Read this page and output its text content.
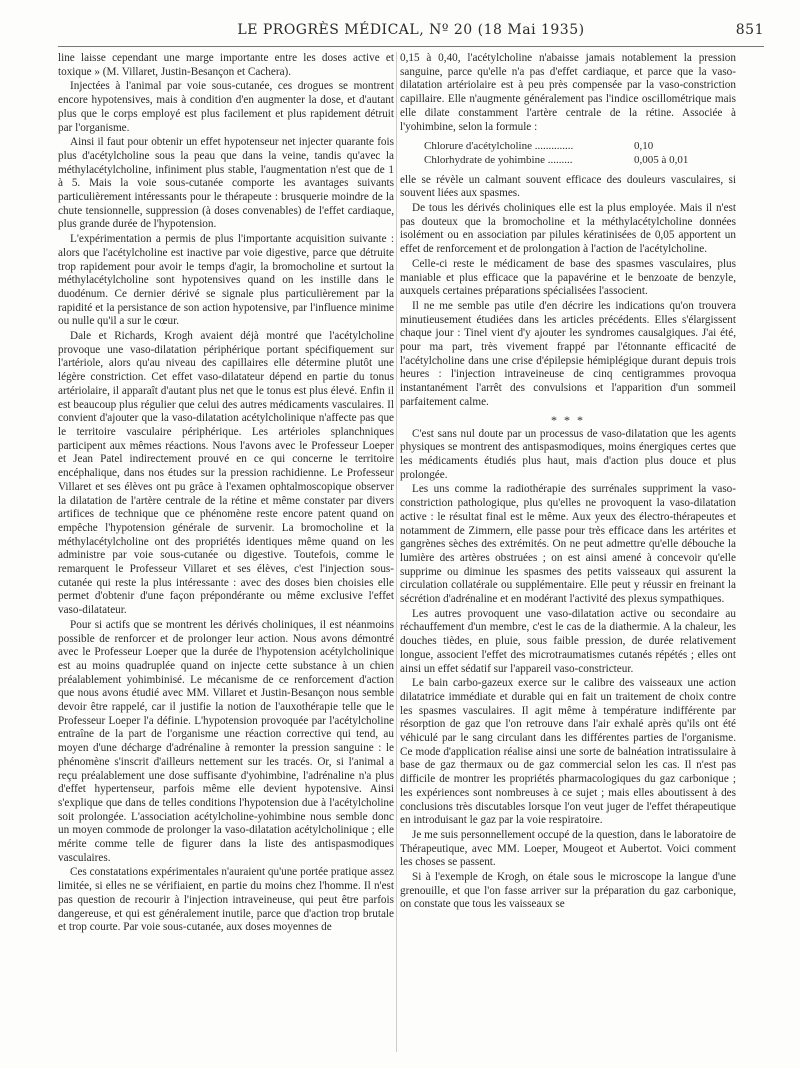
LE PROGRÈS MÉDICAL, Nº 20 (18 Mai 1935)	851

line laisse cependant une marge importante entre les doses active et toxique » (M. Villaret, Justin-Besançon et Cachera).

Injectées à l'animal par voie sous-cutanée, ces drogues se montrent encore hypotensives, mais à condition d'en augmenter la dose, et d'autant plus que le corps employé est plus facilement et plus rapidement détruit par l'organisme.

Ainsi il faut pour obtenir un effet hypotenseur net injecter quarante fois plus d'acétylcholine sous la peau que dans la veine, tandis qu'avec la méthylacétylcholine, infiniment plus stable, l'augmentation n'est que de 1 à 5. Mais la voie sous-cutanée comporte les avantages suivants particulièrement intéressants pour le thérapeute : brusquerie moindre de la chute tensionnelle, suppression (à doses convenables) de l'effet cardiaque, plus grande durée de l'hypotension.

L'expérimentation a permis de plus l'importante acquisition suivante : alors que l'acétylcholine est inactive par voie digestive, parce que détruite trop rapidement pour avoir le temps d'agir, la bromocholine et surtout la méthylacétylcholine sont hypotensives quand on les instille dans le duodénum. Ce dernier dérivé se signale plus particulièrement par la rapidité et la persistance de son action hypotensive, par l'influence minime ou nulle qu'il a sur le cœur.

Dale et Richards, Krogh avaient déjà montré que l'acétylcholine provoque une vaso-dilatation périphérique portant spécifiquement sur l'artériole, alors qu'au niveau des capillaires elle détermine plutôt une légère constriction. Cet effet vaso-dilatateur dépend en partie du tonus artériolaire, il apparaît d'autant plus net que le tonus est plus élevé. Enfin il est beaucoup plus régulier que celui des autres médicaments vasculaires. Il convient d'ajouter que la vaso-dilatation acétylcholinique n'affecte pas que le territoire vasculaire périphérique. Les artérioles splanchniques participent aux mêmes réactions. Nous l'avons avec le Professeur Loeper et Jean Patel indirectement prouvé en ce qui concerne le territoire encéphalique, dans nos études sur la pression rachidienne. Le Professeur Villaret et ses élèves ont pu grâce à l'examen ophtalmoscopique observer la dilatation de l'artère centrale de la rétine et même constater par divers artifices de technique que ce phénomène reste encore patent quand on empêche l'hypotension générale de survenir. La bromocholine et la méthylacétylcholine ont des propriétés identiques même quand on les administre par voie sous-cutanée ou digestive. Toutefois, comme le remarquent le Professeur Villaret et ses élèves, c'est l'injection sous-cutanée qui reste la plus intéressante : avec des doses bien choisies elle permet d'obtenir d'une façon prépondérante ou même exclusive l'effet vaso-dilatateur.

Pour si actifs que se montrent les dérivés choliniques, il est néanmoins possible de renforcer et de prolonger leur action. Nous avons démontré avec le Professeur Loeper que la durée de l'hypotension acétylcholinique est au moins quadruplée quand on injecte cette substance à un chien préalablement yohimbinisé. Le mécanisme de ce renforcement d'action que nous avons étudié avec MM. Villaret et Justin-Besançon nous semble devoir être rappelé, car il justifie la notion de l'auxothérapie telle que le Professeur Loeper l'a définie. L'hypotension provoquée par l'acétylcholine entraîne de la part de l'organisme une réaction corrective qui tend, au moyen d'une décharge d'adrénaline à remonter la pression sanguine : le phénomène s'inscrit d'ailleurs nettement sur les tracés. Or, si l'animal a reçu préalablement une dose suffisante d'yohimbine, l'adrénaline n'a plus d'effet hypertenseur, parfois même elle devient hypotensive. Ainsi s'explique que dans de telles conditions l'hypotension due à l'acétylcholine soit prolongée. L'association acétylcholine-yohimbine nous semble donc un moyen commode de prolonger la vaso-dilatation acétylcholinique ; elle mérite comme telle de figurer dans la liste des antispasmodiques vasculaires.

Ces constatations expérimentales n'auraient qu'une portée pratique assez limitée, si elles ne se vérifiaient, en partie du moins chez l'homme. Il n'est pas question de recourir à l'injection intraveineuse, qui peut être parfois dangereuse, et qui est généralement inutile, parce que d'action trop brutale et trop courte. Par voie sous-cutanée, aux doses moyennes de

0,15 à 0,40, l'acétylcholine n'abaisse jamais notablement la pression sanguine, parce qu'elle n'a pas d'effet cardiaque, et parce que la vaso-dilatation artériolaire est à peu près compensée par la vaso-constriction capillaire. Elle n'augmente généralement pas l'indice oscillométrique mais elle dilate constamment l'artère centrale de la rétine. Associée à l'yohimbine, selon la formule :

Chlorure d'acétylcholine ..............	0,10
Chlorhydrate de yohimbine .........	0,005 à 0,01

elle se révèle un calmant souvent efficace des douleurs vasculaires, si souvent liées aux spasmes.

De tous les dérivés choliniques elle est la plus employée. Mais il n'est pas douteux que la bromocholine et la méthylacétylcholine données isolément ou en association par pilules kératinisées de 0,05 apportent un effet de renforcement et de prolongation à l'action de l'acétylcholine.

Celle-ci reste le médicament de base des spasmes vasculaires, plus maniable et plus efficace que la papavérine et le benzoate de benzyle, auxquels certaines préparations spécialisées l'associent.

Il ne me semble pas utile d'en décrire les indications qu'on trouvera minutieusement étudiées dans les articles précédents. Elles s'élargissent chaque jour : Tinel vient d'y ajouter les syndromes causalgiques. J'ai été, pour ma part, très vivement frappé par l'étonnante efficacité de l'acétylcholine dans une crise d'épilepsie hémiplégique durant depuis trois heures : l'injection intraveineuse de cinq centigrammes provoqua instantanément l'arrêt des convulsions et l'apparition d'un sommeil parfaitement calme.

* * *

C'est sans nul doute par un processus de vaso-dilatation que les agents physiques se montrent des antispasmodiques, moins énergiques certes que les médicaments étudiés plus haut, mais d'action plus douce et plus prolongée.

Les uns comme la radiothérapie des surrénales suppriment la vaso-constriction pathologique, plus qu'elles ne provoquent la vaso-dilatation active : le résultat final est le même. Aux yeux des électro-thérapeutes et notamment de Zimmern, elle passe pour très efficace dans les artérites et gangrènes sèches des extrémités. On ne peut admettre qu'elle débouche la lumière des artères obstruées ; on est ainsi amené à concevoir qu'elle supprime ou diminue les spasmes des petits vaisseaux qui assurent la circulation collatérale ou supplémentaire. Elle peut y réussir en freinant la sécrétion d'adrénaline et en modérant l'activité des plexus sympathiques.

Les autres provoquent une vaso-dilatation active ou secondaire au réchauffement d'un membre, c'est le cas de la diathermie. A la chaleur, les douches tièdes, en pluie, sous faible pression, de durée relativement longue, associent l'effet des microtraumatismes cutanés répétés ; elles ont ainsi un effet sédatif sur l'appareil vaso-constricteur.

Le bain carbo-gazeux exerce sur le calibre des vaisseaux une action dilatatrice immédiate et durable qui en fait un traitement de choix contre les spasmes vasculaires. Il agit même à température indifférente par résorption de gaz que l'on retrouve dans l'air exhalé après qu'ils ont été véhiculé par le sang circulant dans les différentes parties de l'organisme. Ce mode d'application réalise ainsi une sorte de balnéation intratissulaire à base de gaz thermaux ou de gaz commercial selon les cas. Il n'est pas difficile de montrer les propriétés pharmacologiques du gaz carbonique ; les expériences sont nombreuses à ce sujet ; mais elles aboutissent à des conclusions très discutables lorsque l'on veut juger de l'effet thérapeutique en introduisant le gaz par la voie respiratoire.

Je me suis personnellement occupé de la question, dans le laboratoire de Thérapeutique, avec MM. Loeper, Mougeot et Aubertot. Voici comment les choses se passent.

Si à l'exemple de Krogh, on étale sous le microscope la langue d'une grenouille, et que l'on fasse arriver sur la préparation du gaz carbonique, on constate que tous les vaisseaux se
